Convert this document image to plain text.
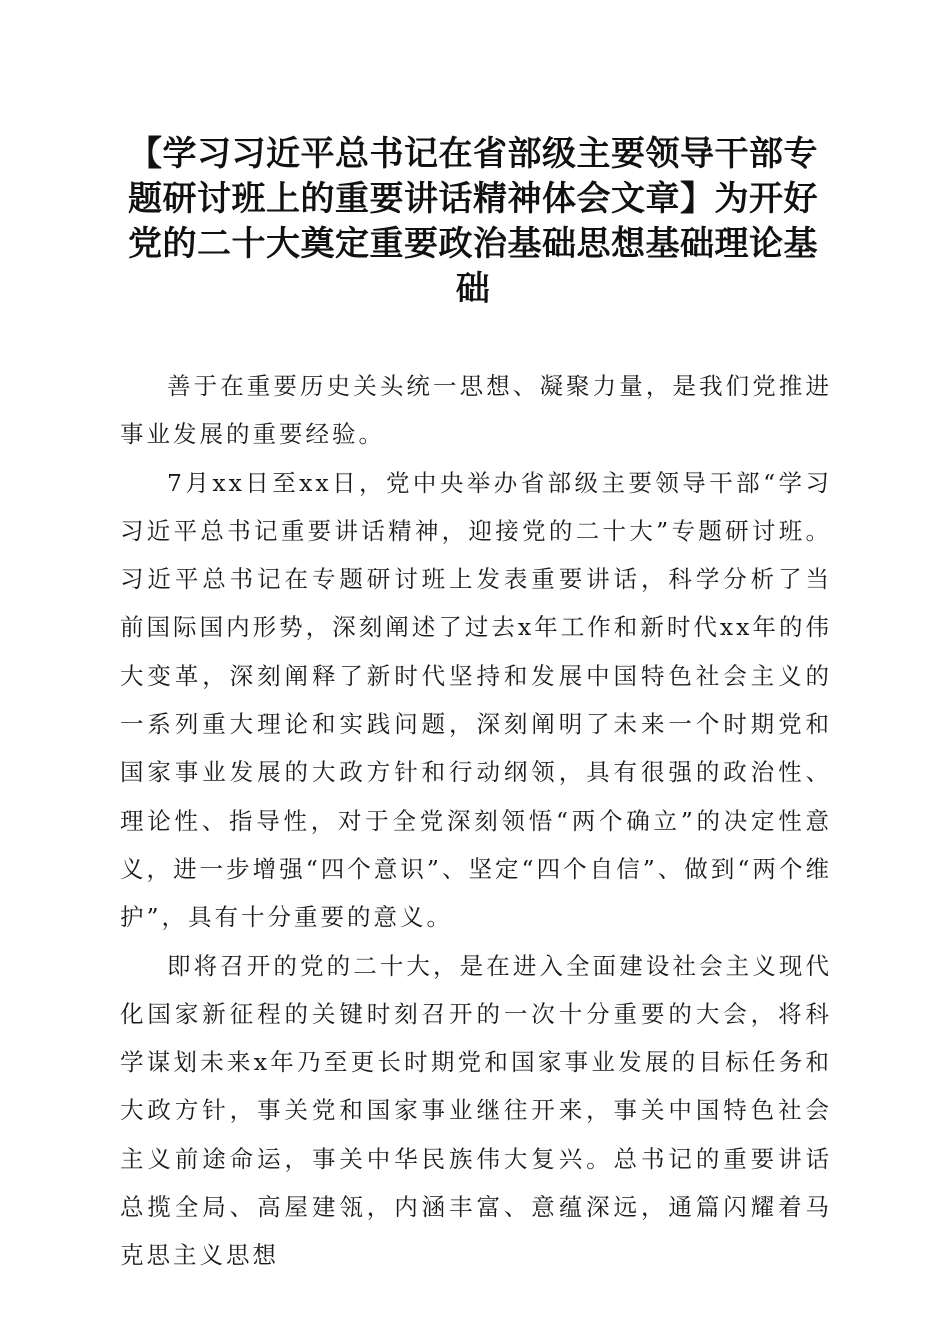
【学习习近平总书记在省部级主要领导干部专题研讨班上的重要讲话精神体会文章】为开好党的二十大奠定重要政治基础思想基础理论基础

善于在重要历史关头统一思想、凝聚力量，是我们党推进事业发展的重要经验。

7月xx日至xx日，党中央举办省部级主要领导干部“学习习近平总书记重要讲话精神，迎接党的二十大”专题研讨班。习近平总书记在专题研讨班上发表重要讲话，科学分析了当前国际国内形势，深刻阐述了过去x年工作和新时代xx年的伟大变革，深刻阐释了新时代坚持和发展中国特色社会主义的一系列重大理论和实践问题，深刻阐明了未来一个时期党和国家事业发展的大政方针和行动纲领，具有很强的政治性、理论性、指导性，对于全党深刻领悟“两个确立”的决定性意义，进一步增强“四个意识”、坚定“四个自信”、做到“两个维护”，具有十分重要的意义。

即将召开的党的二十大，是在进入全面建设社会主义现代化国家新征程的关键时刻召开的一次十分重要的大会，将科学谋划未来x年乃至更长时期党和国家事业发展的目标任务和大政方针，事关党和国家事业继往开来，事关中国特色社会主义前途命运，事关中华民族伟大复兴。总书记的重要讲话总揽全局、高屋建瓴，内涵丰富、意蕴深远，通篇闪耀着马克思主义思想
